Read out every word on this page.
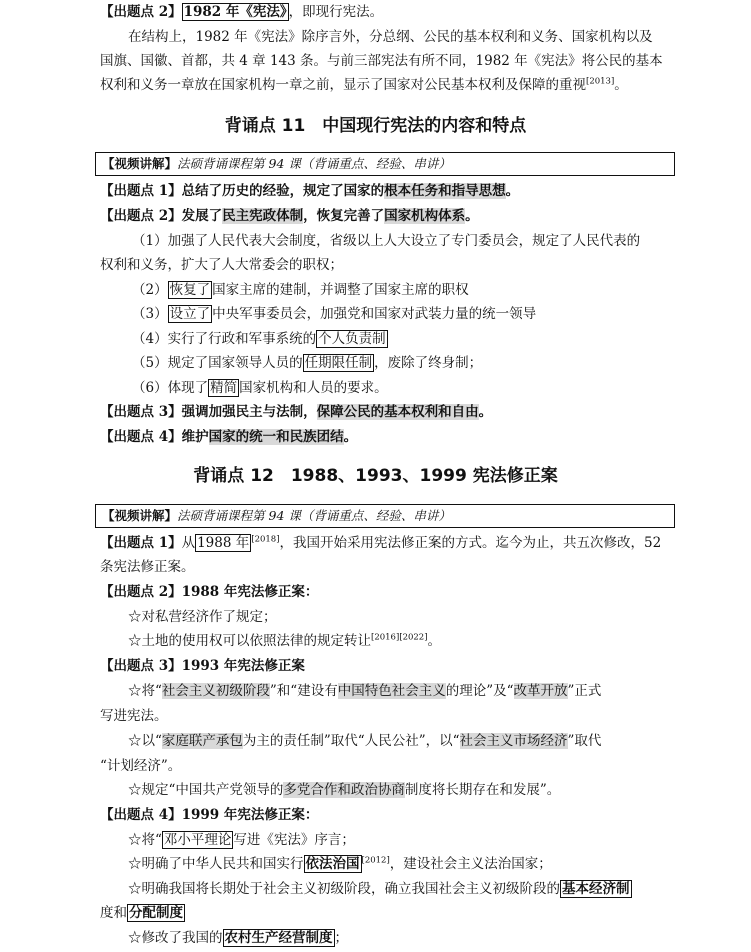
【出题点 2】 1982 年《宪法》 ，即现行宪法。
在结构上，1982 年《宪法》除序言外，分总纲、公民的基本权利和义务、国家机构以及
国旗、国徽、首都，共 4 章 143 条。与前三部宪法有所不同，1982 年《宪法》将公民的基本
权利和义务一章放在国家机构一章之前，显示了国家对公民基本权利及保障的重视[2013]。
背诵点 11　中国现行宪法的内容和特点
【视频讲解】法硕背诵课程第 94 课（背诵重点、经验、串讲）
【出题点 1】总结了历史的经验，规定了国家的根本任务和指导思想。
【出题点 2】发展了民主宪政体制，恢复完善了国家机构体系。
（1）加强了人民代表大会制度，省级以上人大设立了专门委员会，规定了人民代表的
权利和义务，扩大了人大常委会的职权；
（2） 恢复了 国家主席的建制，并调整了国家主席的职权
（3） 设立了 中央军事委员会，加强党和国家对武装力量的统一领导
（4）实行了行政和军事系统的 个人负责制
（5）规定了国家领导人员的 任期限任制 ，废除了终身制；
（6）体现了 精简 国家机构和人员的要求。
【出题点 3】强调加强民主与法制，保障公民的基本权利和自由。
【出题点 4】维护国家的统一和民族团结。
背诵点 12　1988、1993、1999 宪法修正案
【视频讲解】法硕背诵课程第 94 课（背诵重点、经验、串讲）
【出题点 1】从 1988 年 [2018]，我国开始采用宪法修正案的方式。迄今为止，共五次修改，52
条宪法修正案。
【出题点 2】1988 年宪法修正案：
☆对私营经济作了规定；
☆土地的使用权可以依照法律的规定转让[2016][2022]。
【出题点 3】1993 年宪法修正案
☆将“社会主义初级阶段”和“建设有中国特色社会主义的理论”及“改革开放”正式
写进宪法。
☆以“家庭联产承包为主的责任制”取代“人民公社”，以“社会主义市场经济”取代
“计划经济”。
☆规定“中国共产党领导的多党合作和政治协商制度将长期存在和发展”。
【出题点 4】1999 年宪法修正案：
☆将“ 邓小平理论 写进《宪法》序言；
☆明确了中华人民共和国实行 依法治国 [2012]，建设社会主义法治国家；
☆明确我国将长期处于社会主义初级阶段，确立我国社会主义初级阶段的 基本经济制
度和 分配制度
☆修改了我国的 农村生产经营制度 ；
